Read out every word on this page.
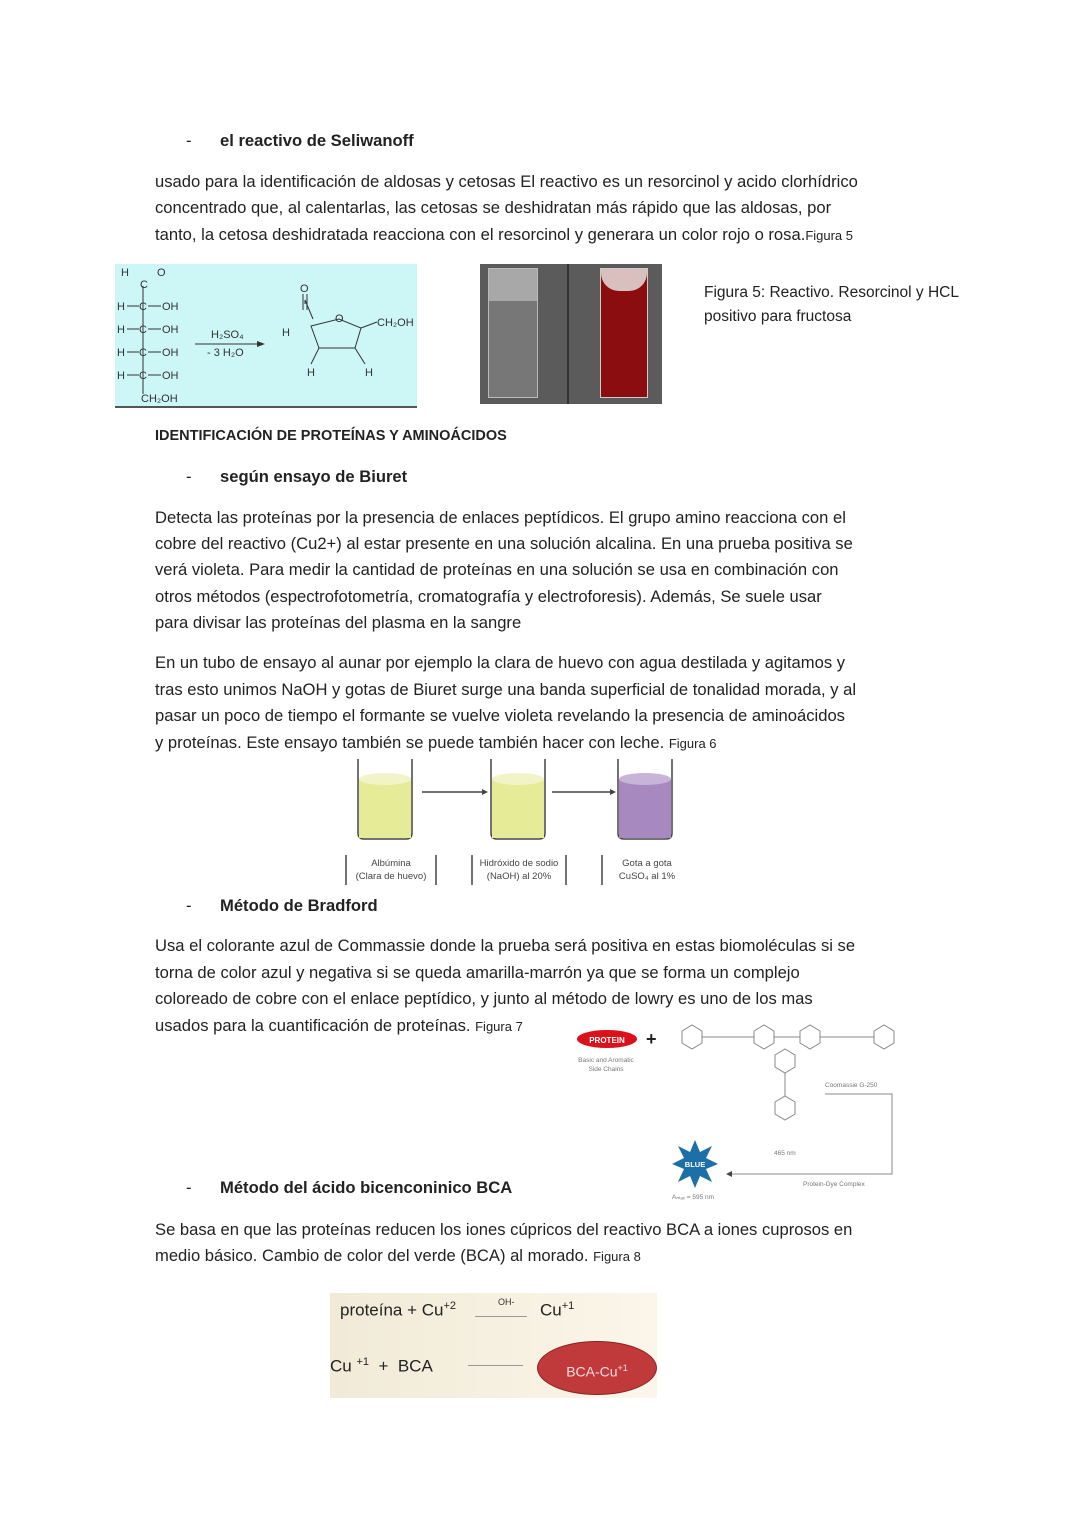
- el reactivo de Seliwanoff
usado para la identificación de aldosas y cetosas El reactivo es un resorcinol y acido clorhídrico
concentrado que, al calentarlas, las cetosas se deshidratan más rápido que las aldosas, por
tanto, la cetosa deshidratada reacciona con el resorcinol y generara un color rojo o rosa.Figura 5
H
C
O
H C OH
H C OH
H C OH
H C OH
CH₂OH
H₂SO₄
- 3 H₂O
O
H
O	CH₂OH
H	H
Figura 5: Reactivo. Resorcinol y HCL
positivo para fructosa
IDENTIFICACIÓN DE PROTEÍNAS Y AMINOÁCIDOS
- según ensayo de Biuret
Detecta las proteínas por la presencia de enlaces peptídicos. El grupo amino reacciona con el
cobre del reactivo (Cu2+) al estar presente en una solución alcalina. En una prueba positiva se
verá violeta. Para medir la cantidad de proteínas en una solución se usa en combinación con
otros métodos (espectrofotometría, cromatografía y electroforesis). Además, Se suele usar
para divisar las proteínas del plasma en la sangre
En un tubo de ensayo al aunar por ejemplo la clara de huevo con agua destilada y agitamos y
tras esto unimos NaOH y gotas de Biuret surge una banda superficial de tonalidad morada, y al
pasar un poco de tiempo el formante se vuelve violeta revelando la presencia de aminoácidos
y proteínas. Este ensayo también se puede también hacer con leche. Figura 6
Albúmina
(Clara de huevo)
Hidróxido de sodio
(NaOH) al 20%
Gota a gota
CuSO₄ al 1%
- Método de Bradford
Usa el colorante azul de Commassie donde la prueba será positiva en estas biomoléculas si se
torna de color azul y negativa si se queda amarilla-marrón ya que se forma un complejo
coloreado de cobre con el enlace peptídico, y junto al método de lowry es uno de los mas
usados para la cuantificación de proteínas. Figura 7
PROTEIN
Basic and Aromatic
Side Chains
+
Coomassie G-250
465 nm
Protein-Dye Complex
BLUE
Aₘₐₓ = 595 nm
- Método del ácido bicenconinico BCA
Se basa en que las proteínas reducen los iones cúpricos del reactivo BCA a iones cuprosos en
medio básico. Cambio de color del verde (BCA) al morado. Figura 8
proteína + $Cu^{+2}$	OH- $Cu^{+1}$
Cu $^{+1}$  +  BCA	BCA-$Cu^{+1}$
